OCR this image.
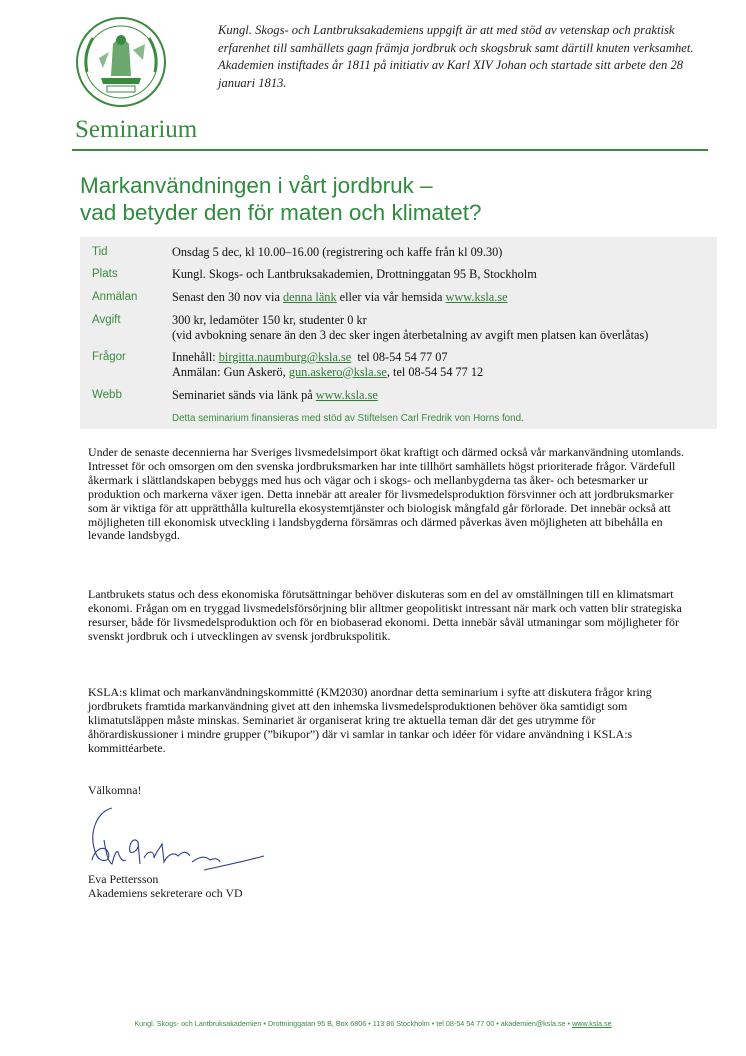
Kungl. Skogs- och Lantbruksakademiens uppgift är att med stöd av vetenskap och praktisk erfarenhet till samhällets gagn främja jordbruk och skogsbruk samt därtill knuten verksamhet. Akademien instiftades år 1811 på initiativ av Karl XIV Johan och startade sitt arbete den 28 januari 1813.
Seminarium
Markanvändningen i vårt jordbruk –
vad betyder den för maten och klimatet?
Tid	Onsdag 5 dec, kl 10.00–16.00 (registrering och kaffe från kl 09.30)
Plats	Kungl. Skogs- och Lantbruksakademien, Drottninggatan 95 B, Stockholm
Anmälan	Senast den 30 nov via denna länk eller via vår hemsida www.ksla.se
Avgift	300 kr, ledamöter 150 kr, studenter 0 kr
(vid avbokning senare än den 3 dec sker ingen återbetalning av avgift men platsen kan överlåtas)
Frågor	Innehåll: birgitta.naumburg@ksla.se  tel 08-54 54 77 07
Anmälan: Gun Askerö, gun.askero@ksla.se, tel 08-54 54 77 12
Webb	Seminariet sänds via länk på www.ksla.se
Detta seminarium finansieras med stöd av Stiftelsen Carl Fredrik von Horns fond.
Under de senaste decennierna har Sveriges livsmedelsimport ökat kraftigt och därmed också vår markanvändning utomlands. Intresset för och omsorgen om den svenska jordbruksmarken har inte tillhört samhällets högst prioriterade frågor. Värdefull åkermark i slättlandskapen bebyggs med hus och vägar och i skogs- och mellanbygderna tas åker- och betesmarker ur produktion och markerna växer igen. Detta innebär att arealer för livsmedelsproduktion försvinner och att jordbruksmarker som är viktiga för att upprätthålla kulturella ekosystemtjänster och biologisk mångfald går förlorade. Det innebär också att möjligheten till ekonomisk utveckling i landsbygderna försämras och därmed påverkas även möjligheten att bibehålla en levande landsbygd.
Lantbrukets status och dess ekonomiska förutsättningar behöver diskuteras som en del av omställningen till en klimatsmart ekonomi. Frågan om en tryggad livsmedelsförsörjning blir alltmer geopolitiskt intressant när mark och vatten blir strategiska resurser, både för livsmedelsproduktion och för en biobaserad ekonomi. Detta innebär såväl utmaningar som möjligheter för svenskt jordbruk och i utvecklingen av svensk jordbrukspolitik.
KSLA:s klimat och markanvändningskommitté (KM2030) anordnar detta seminarium i syfte att diskutera frågor kring jordbrukets framtida markanvändning givet att den inhemska livsmedelsproduktionen behöver öka samtidigt som klimatutsläppen måste minskas. Seminariet är organiserat kring tre aktuella teman där det ges utrymme för åhörardiskussioner i mindre grupper (”bikupor”) där vi samlar in tankar och idéer för vidare användning i KSLA:s kommittéarbete.
Välkomna!
Eva Pettersson
Akademiens sekreterare och VD
Kungl. Skogs- och Lantbruksakademien • Drottninggatan 95 B, Box 6806 • 113 86 Stockholm • tel 08-54 54 77 00 • akademien@ksla.se • www.ksla.se
